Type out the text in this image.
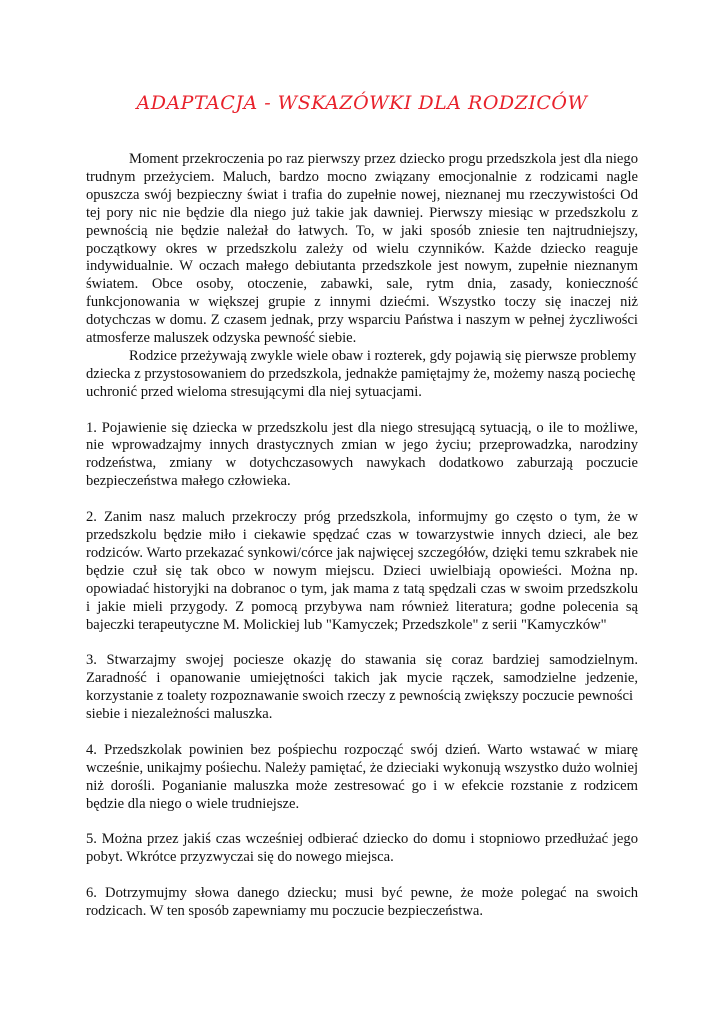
ADAPTACJA - WSKAZÓWKI DLA RODZICÓW

Moment przekroczenia po raz pierwszy przez dziecko progu przedszkola jest dla niego trudnym przeżyciem. Maluch, bardzo mocno związany emocjonalnie z rodzicami nagle opuszcza swój bezpieczny świat i trafia do zupełnie nowej, nieznanej mu rzeczywistości Od tej pory nic nie będzie dla niego już takie jak dawniej. Pierwszy miesiąc w przedszkolu z pewnością nie będzie należał do łatwych. To, w jaki sposób zniesie ten najtrudniejszy, początkowy okres w przedszkolu zależy od wielu czynników. Każde dziecko reaguje indywidualnie. W oczach małego debiutanta przedszkole jest nowym, zupełnie nieznanym światem. Obce osoby, otoczenie, zabawki, sale, rytm dnia, zasady, konieczność funkcjonowania w większej grupie z innymi dziećmi. Wszystko toczy się inaczej niż dotychczas w domu. Z czasem jednak, przy wsparciu Państwa i naszym w pełnej życzliwości atmosferze maluszek odzyska pewność siebie.

Rodzice przeżywają zwykle wiele obaw i rozterek, gdy pojawią się pierwsze problemy dziecka z przystosowaniem do przedszkola, jednakże pamiętajmy że, możemy naszą pociechę

uchronić przed wieloma stresującymi dla niej sytuacjami.

1. Pojawienie się dziecka w przedszkolu jest dla niego stresującą sytuacją, o ile to możliwe, nie wprowadzajmy innych drastycznych zmian w jego życiu; przeprowadzka, narodziny rodzeństwa, zmiany w dotychczasowych nawykach dodatkowo zaburzają poczucie bezpieczeństwa małego człowieka.

2. Zanim nasz maluch przekroczy próg przedszkola, informujmy go często o tym, że w przedszkolu będzie miło i ciekawie spędzać czas w towarzystwie innych dzieci, ale bez rodziców. Warto przekazać synkowi/córce jak najwięcej szczegółów, dzięki temu szkrabek nie będzie czuł się tak obco w nowym miejscu. Dzieci uwielbiają opowieści. Można np. opowiadać historyjki na dobranoc o tym, jak mama z tatą spędzali czas w swoim przedszkolu i jakie mieli przygody. Z pomocą przybywa nam również literatura; godne polecenia są bajeczki terapeutyczne M. Molickiej lub "Kamyczek; Przedszkole" z serii "Kamyczków"

3. Stwarzajmy swojej pociesze okazję do stawania się coraz bardziej samodzielnym. Zaradność i opanowanie umiejętności takich jak mycie rączek, samodzielne jedzenie, korzystanie z toalety rozpoznawanie swoich rzeczy z pewnością zwiększy poczucie pewności

siebie i niezależności maluszka.

4. Przedszkolak powinien bez pośpiechu rozpocząć swój dzień. Warto wstawać w miarę wcześnie, unikajmy pośiechu. Należy pamiętać, że dzieciaki wykonują wszystko dużo wolniej niż dorośli. Poganianie maluszka może zestresować go i w efekcie rozstanie z rodzicem będzie dla niego o wiele trudniejsze.

5. Można przez jakiś czas wcześniej odbierać dziecko do domu i stopniowo przedłużać jego pobyt. Wkrótce przyzwyczai się do nowego miejsca.

6. Dotrzymujmy słowa danego dziecku; musi być pewne, że może polegać na swoich rodzicach. W ten sposób zapewniamy mu poczucie bezpieczeństwa.
